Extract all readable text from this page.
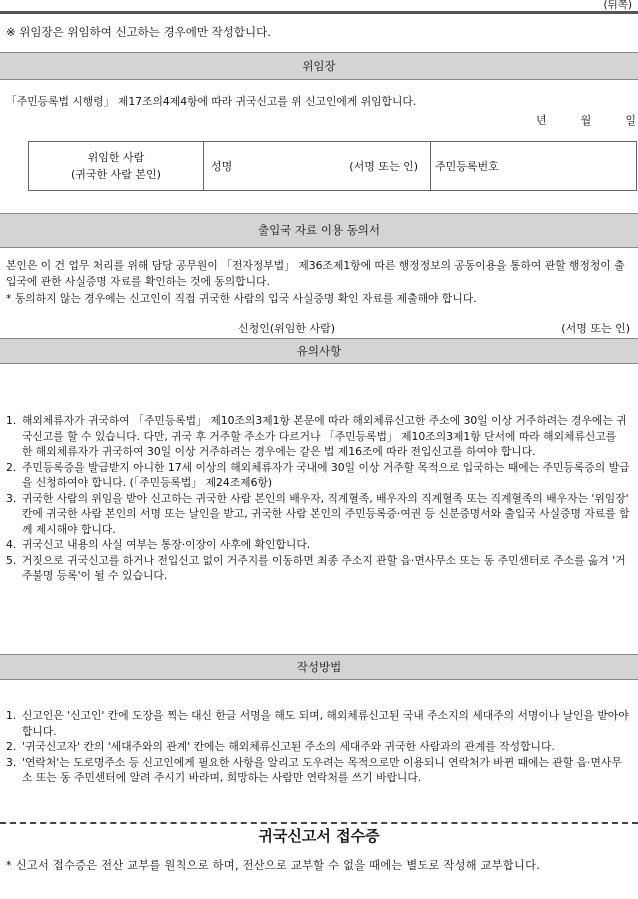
(뒤쪽)
※ 위임장은 위임하여 신고하는 경우에만 작성합니다.
위임장
「주민등록법 시행령」 제17조의4제4항에 따라 귀국신고를 위 신고인에게 위임합니다.
년	월	일
위임한 사람
(귀국한 사람 본인)
성명	(서명 또는 인)	주민등록번호
출입국 자료 이용 동의서
본인은 이 건 업무 처리를 위해 담당 공무원이 「전자정부법」 제36조제1항에 따른 행정정보의 공동이용을 통하여 관할 행정청이 출입국에 관한 사실증명 자료를 확인하는 것에 동의합니다.
* 동의하지 않는 경우에는 신고인이 직접 귀국한 사람의 입국 사실증명 확인 자료를 제출해야 합니다.
신청인(위임한 사람)	(서명 또는 인)
유의사항
1. 해외체류자가 귀국하여 「주민등록법」 제10조의3제1항 본문에 따라 해외체류신고한 주소에 30일 이상 거주하려는 경우에는 귀국신고를 할 수 있습니다. 다만, 귀국 후 거주할 주소가 다르거나 「주민등록법」 제10조의3제1항 단서에 따라 해외체류신고를 한 해외체류자가 귀국하여 30일 이상 거주하려는 경우에는 같은 법 제16조에 따라 전입신고를 하여야 합니다.
2. 주민등록증을 발급받지 아니한 17세 이상의 해외체류자가 국내에 30일 이상 거주할 목적으로 입국하는 때에는 주민등록증의 발급을 신청하여야 합니다. (「주민등록법」 제24조제6항)
3. 귀국한 사람의 위임을 받아 신고하는 귀국한 사람 본인의 배우자, 직계혈족, 배우자의 직계혈족 또는 직계혈족의 배우자는 '위임장' 칸에 귀국한 사람 본인의 서명 또는 날인을 받고, 귀국한 사람 본인의 주민등록증·여권 등 신분증명서와 출입국 사실증명 자료를 함께 제시해야 합니다.
4. 귀국신고 내용의 사실 여부는 통장·이장이 사후에 확인합니다.
5. 거짓으로 귀국신고를 하거나 전입신고 없이 거주지를 이동하면 최종 주소지 관할 읍·면사무소 또는 동 주민센터로 주소를 옮겨 '거주불명 등록'이 될 수 있습니다.
작성방법
1. 신고인은 '신고인' 칸에 도장을 찍는 대신 한글 서명을 해도 되며, 해외체류신고된 국내 주소지의 세대주의 서명이나 날인을 받아야 합니다.
2. '귀국신고자' 칸의 '세대주와의 관계' 칸에는 해외체류신고된 주소의 세대주와 귀국한 사람과의 관계를 작성합니다.
3. '연락처'는 도로명주소 등 신고인에게 필요한 사항을 알리고 도우려는 목적으로만 이용되니 연락처가 바뀐 때에는 관할 읍·면사무소 또는 동 주민센터에 알려 주시기 바라며, 희망하는 사람만 연락처를 쓰기 바랍니다.
귀국신고서 접수증
* 신고서 접수증은 전산 교부를 원칙으로 하며, 전산으로 교부할 수 없을 때에는 별도로 작성해 교부합니다.
